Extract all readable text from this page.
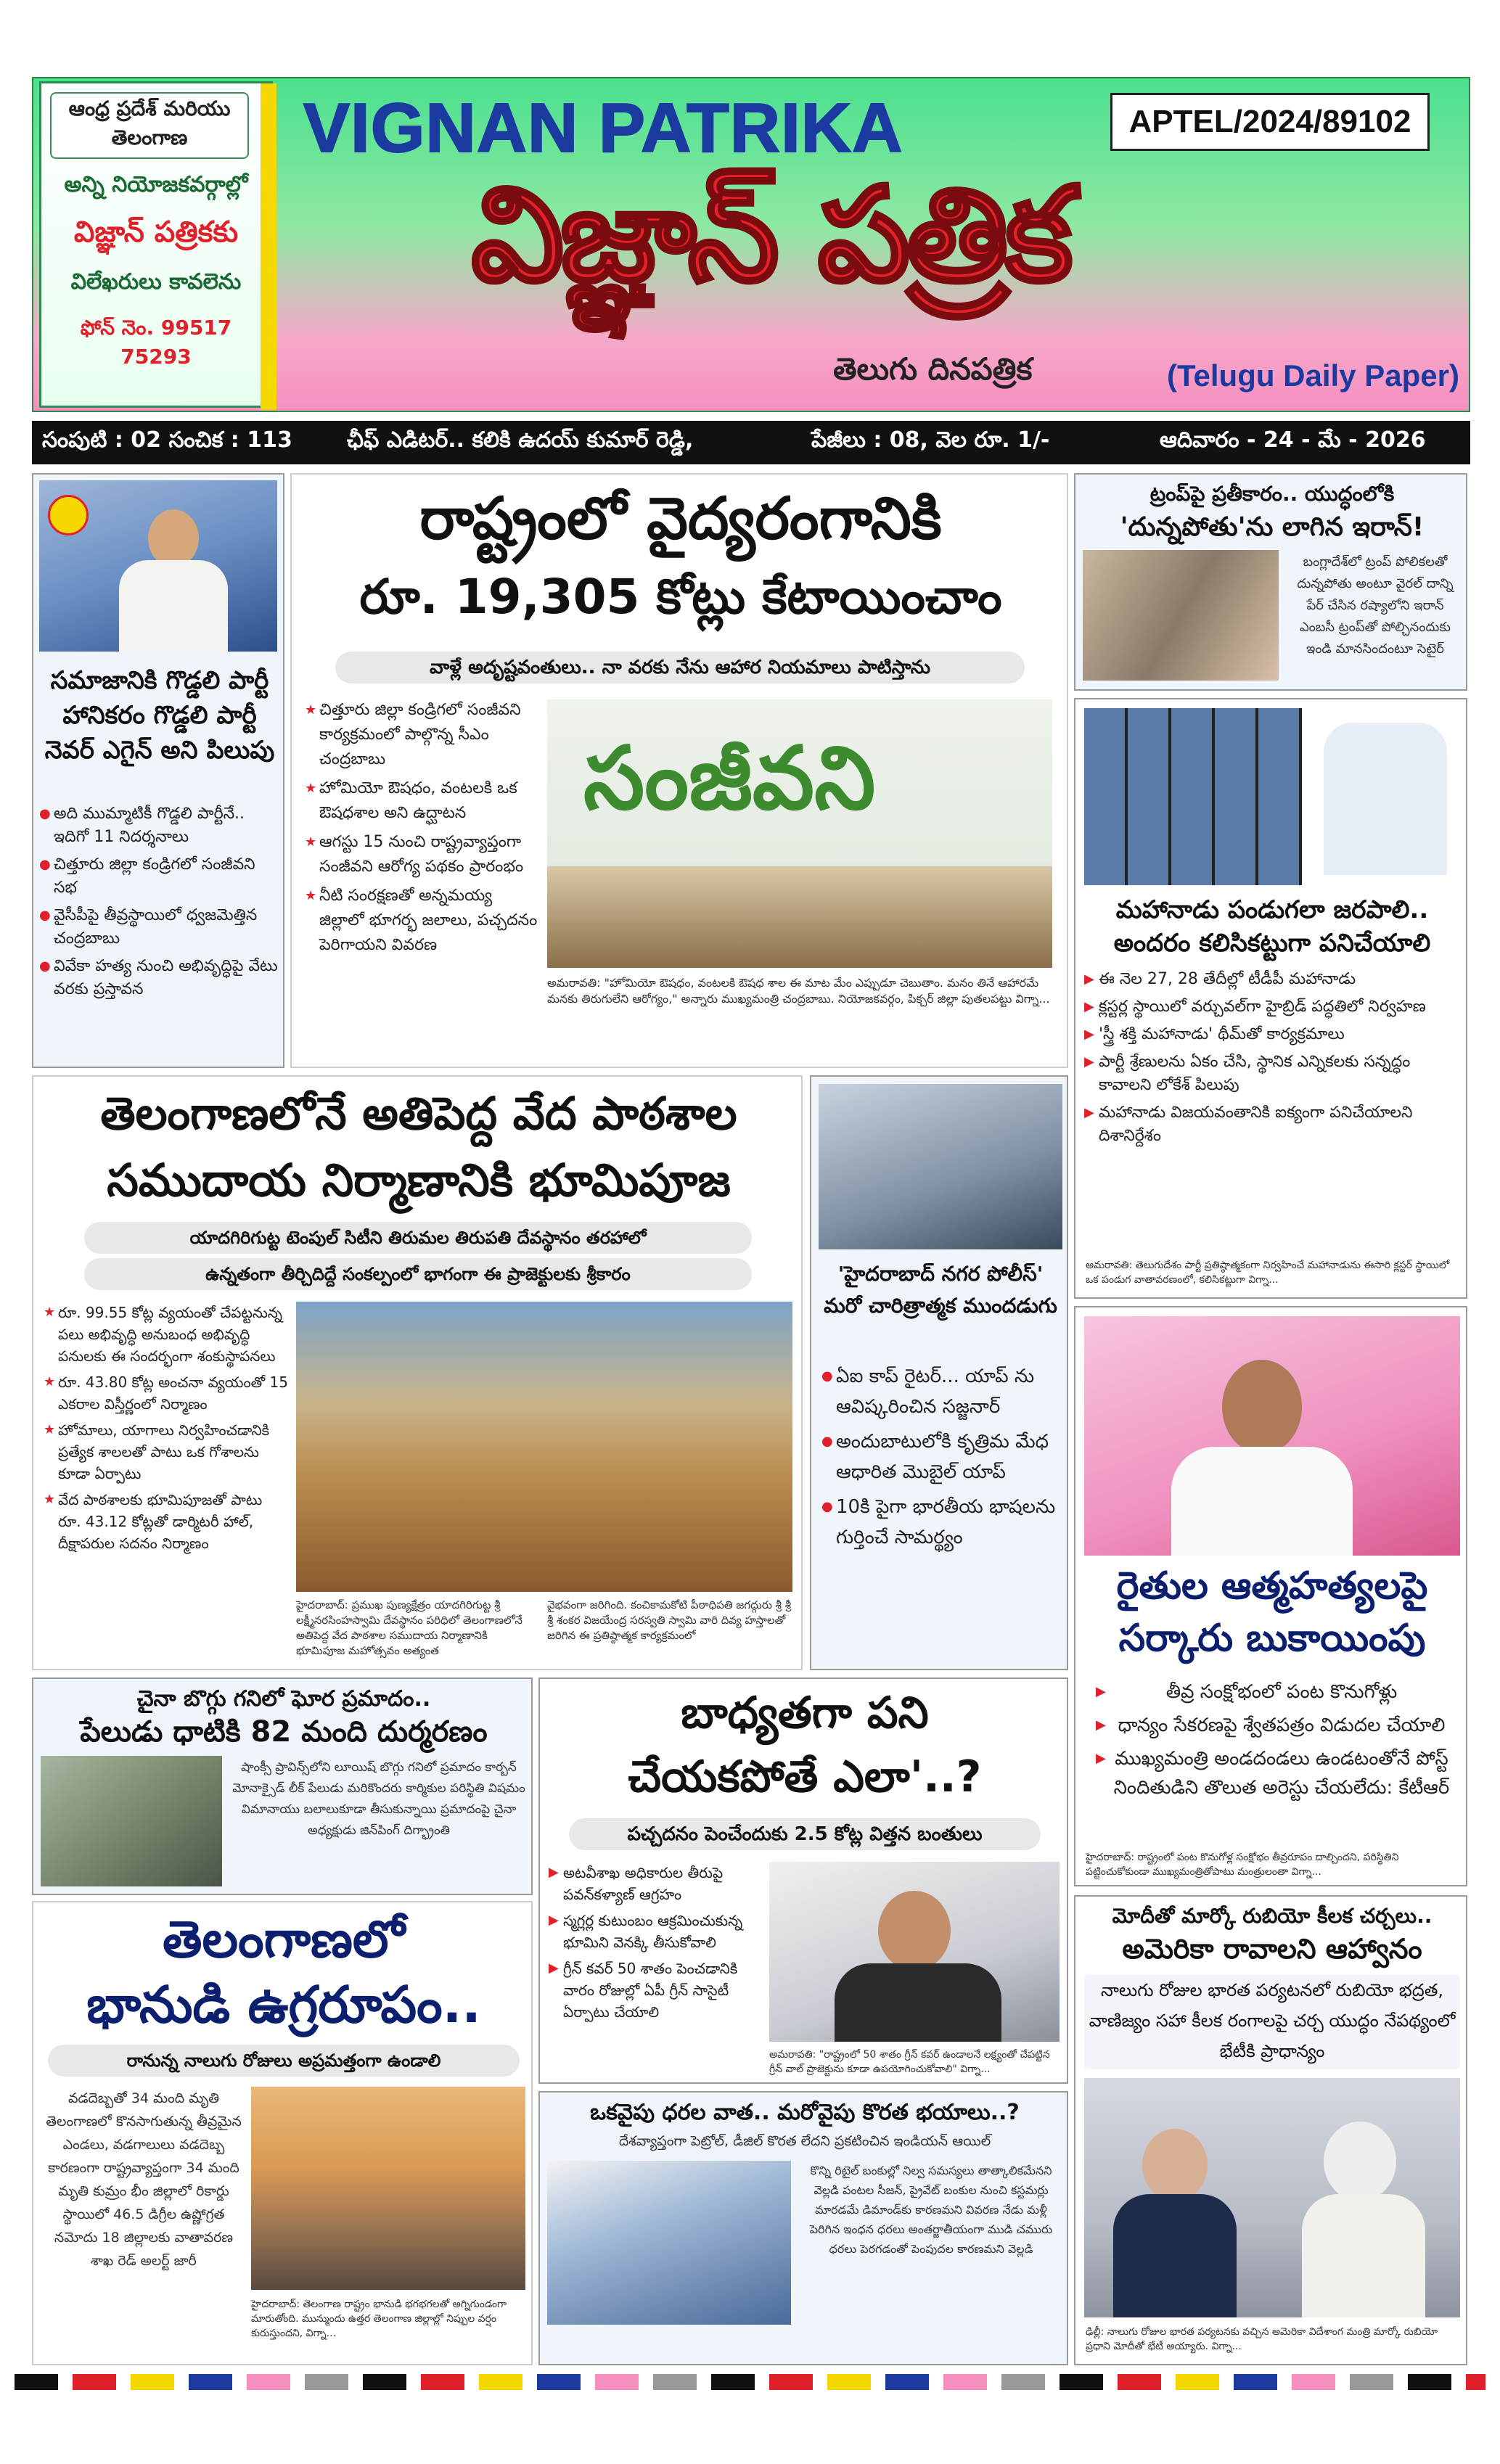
ఆంధ్ర ప్రదేశ్ మరియు తెలంగాణ
అన్ని నియోజకవర్గాల్లో
విజ్ఞాన్ పత్రికకు
విలేఖరులు కావలెను
ఫోన్ నెం. 99517 75293
VIGNAN PATRIKA	APTEL/2024/89102
విజ్ఞాన్ పత్రిక
తెలుగు దినపత్రిక	(Telugu Daily Paper)
సంపుటి : 02 సంచిక : 113	ఛీఫ్ ఎడిటర్.. కలికి ఉదయ్ కుమార్ రెడ్డి,	పేజీలు : 08, వెల రూ. 1/-	ఆదివారం - 24 - మే - 2026
సమాజానికి గొడ్డలి పార్టీ హానికరం గొడ్డలి పార్టీ నెవర్ ఎగైన్ అని పిలుపు
● అది ముమ్మాటికీ గొడ్డలి పార్టీనే.. ఇదిగో 11 నిదర్శనాలు
● చిత్తూరు జిల్లా కండ్రిగలో సంజీవని సభ
● వైసీపీపై తీవ్రస్థాయిలో ధ్వజమెత్తిన చంద్రబాబు
● వివేకా హత్య నుంచి అభివృద్ధిపై వేటు వరకు ప్రస్తావన
రాష్ట్రంలో వైద్యరంగానికి
రూ. 19,305 కోట్లు కేటాయించాం
వాళ్లే అదృష్టవంతులు.. నా వరకు నేను ఆహార నియమాలు పాటిస్తాను
★ చిత్తూరు జిల్లా కండ్రిగలో సంజీవని కార్యక్రమంలో పాల్గొన్న సీఎం చంద్రబాబు
★ హోమియో ఔషధం, వంటలకి ఒక ఔషధశాల అని ఉద్ఘాటన
★ ఆగస్టు 15 నుంచి రాష్ట్రవ్యాప్తంగా సంజీవని ఆరోగ్య పథకం ప్రారంభం
★ నీటి సంరక్షణతో అన్నమయ్య జిల్లాలో భూగర్భ జలాలు, పచ్చదనం పెరిగాయని వివరణ
సంజీవని
అమరావతి: "హోమియో ఔషధం, వంటలకి ఔషధ శాల ఈ మాట మేం ఎప్పుడూ చెబుతాం. మనం తినే ఆహారమే మనకు తిరుగులేని ఆరోగ్యం," అన్నారు ముఖ్యమంత్రి చంద్రబాబు. నియోజకవర్గం, పిక్చర్ జిల్లా పుతలపట్టు విగ్నా...
ట్రంప్‌పై ప్రతీకారం.. యుద్ధంలోకి
'దున్నపోతు'ను లాగిన ఇరాన్!
బంగ్లాదేశ్‌లో ట్రంప్ పోలికలతో దున్నపోతు అంటూ వైరల్ దాన్ని పేర్ చేసిన రష్యాలోని ఇరాన్ ఎంబసీ ట్రంప్‌తో పోల్చినందుకు ఇండి మానసిందంటూ సెటైర్
మహానాడు పండుగలా జరపాలి..
అందరం కలిసికట్టుగా పనిచేయాలి
▶ ఈ నెల 27, 28 తేదీల్లో టీడీపీ మహానాడు
▶ క్లస్టర్ల స్థాయిలో వర్చువల్‌గా హైబ్రిడ్ పద్ధతిలో నిర్వహణ
▶ 'స్త్రీ శక్తి మహానాడు' థీమ్‌తో కార్యక్రమాలు
▶ పార్టీ శ్రేణులను ఏకం చేసి, స్థానిక ఎన్నికలకు సన్నద్ధం కావాలని లోకేశ్ పిలుపు
▶ మహానాడు విజయవంతానికి ఐక్యంగా పనిచేయాలని దిశానిర్దేశం
అమరావతి: తెలుగుదేశం పార్టీ ప్రతిష్ఠాత్మకంగా నిర్వహించే మహానాడును ఈసారి క్లస్టర్ స్థాయిలో ఒక పండుగ వాతావరణంలో, కలిసికట్టుగా విగ్నా...
తెలంగాణలోనే అతిపెద్ద వేద పాఠశాల
సముదాయ నిర్మాణానికి భూమిపూజ
యాదగిరిగుట్ట టెంపుల్ సిటీని తిరుమల తిరుపతి దేవస్థానం తరహాలో
ఉన్నతంగా తీర్చిదిద్దే సంకల్పంలో భాగంగా ఈ ప్రాజెక్టులకు శ్రీకారం
★ రూ. 99.55 కోట్ల వ్యయంతో చేపట్టనున్న పలు అభివృద్ధి అనుబంధ అభివృద్ధి పనులకు ఈ సందర్భంగా శంకుస్థాపనలు
★ రూ. 43.80 కోట్ల అంచనా వ్యయంతో 15 ఎకరాల విస్తీర్ణంలో నిర్మాణం
★ హోమాలు, యాగాలు నిర్వహించడానికి ప్రత్యేక శాలలతో పాటు ఒక గోశాలను కూడా ఏర్పాటు
★ వేద పాఠశాలకు భూమిపూజతో పాటు రూ. 43.12 కోట్లతో డార్మిటరీ హాల్, దీక్షాపరుల సదనం నిర్మాణం
హైదరాబాద్: ప్రముఖ పుణ్యక్షేత్రం యాదగిరిగుట్ట శ్రీ లక్ష్మీనరసింహస్వామి దేవస్థానం పరిధిలో తెలంగాణలోనే అతిపెద్ద వేద పాఠశాల సముదాయ నిర్మాణానికి భూమిపూజ మహోత్సవం అత్యంత
వైభవంగా జరిగింది. కంచికామకోటి పీఠాధిపతి జగద్గురు శ్రీ శ్రీ శ్రీ శంకర విజయేంద్ర సరస్వతి స్వామి వారి దివ్య హస్తాలతో జరిగిన ఈ ప్రతిష్ఠాత్మక కార్యక్రమంలో
'హైదరాబాద్ నగర పోలీస్' మరో చారిత్రాత్మక ముందడుగు
● ఏఐ కాప్ రైటర్... యాప్ ను ఆవిష్కరించిన సజ్జనార్
● అందుబాటులోకి కృత్రిమ మేధ ఆధారిత మొబైల్ యాప్
● 10కి పైగా భారతీయ భాషలను గుర్తించే సామర్థ్యం
రైతుల ఆత్మహత్యలపై
సర్కారు బుకాయింపు
▶ తీవ్ర సంక్షోభంలో పంట కొనుగోళ్లు
▶ ధాన్యం సేకరణపై శ్వేతపత్రం విడుదల చేయాలి
▶ ముఖ్యమంత్రి అండదండలు ఉండటంతోనే పోస్ట్ నిందితుడిని తొలుత అరెస్టు చేయలేదు: కేటీఆర్
హైదరాబాద్: రాష్ట్రంలో పంట కొనుగోళ్ల సంక్షోభం తీవ్రరూపం దాల్చిందని, పరిస్థితిని పట్టించుకోకుండా ముఖ్యమంత్రితోపాటు మంత్రులంతా విగ్నా...
చైనా బొగ్గు గనిలో ఘోర ప్రమాదం..
పేలుడు ధాటికి 82 మంది దుర్మరణం
షాంక్సీ ప్రావిన్స్‌లోని లూయిష్ బొగ్గు గనిలో ప్రమాదం కార్బన్ మోనాక్సైడ్ లీక్ పేలుడు మరికొందరు కార్మికుల పరిస్థితి విషమం విమానాయు బలాలుకూడా తీసుకున్నాయి ప్రమాదంపై చైనా అధ్యక్షుడు జిన్‌పింగ్ దిగ్భ్రాంతి
బాధ్యతగా పని
చేయకపోతే ఎలా'..?
పచ్చదనం పెంచేందుకు 2.5 కోట్ల విత్తన బంతులు
▶ అటవీశాఖ అధికారుల తీరుపై పవన్‌కళ్యాణ్ ఆగ్రహం
▶ స్మగ్లర్ల కుటుంబం ఆక్రమించుకున్న భూమిని వెనక్కి తీసుకోవాలి
▶ గ్రీన్ కవర్ 50 శాతం పెంచడానికి వారం రోజుల్లో ఏపీ గ్రీన్ సాసైటీ ఏర్పాటు చేయాలి
అమరావతి: "రాష్ట్రంలో 50 శాతం గ్రీన్ కవర్ ఉండాలనే లక్ష్యంతో చేపట్టిన గ్రీన్ వాల్ ప్రాజెక్టును కూడా ఉపయోగించుకోవాలి" విగ్నా...
మోదీతో మార్కో రుబియో కీలక చర్చలు..
అమెరికా రావాలని ఆహ్వానం
నాలుగు రోజుల భారత పర్యటనలో రుబియో భద్రత, వాణిజ్యం సహా కీలక రంగాలపై చర్చ యుద్ధం నేపథ్యంలో భేటీకి ప్రాధాన్యం
ఢిల్లీ: నాలుగు రోజుల భారత పర్యటనకు వచ్చిన అమెరికా విదేశాంగ మంత్రి మార్కో రుబియో ప్రధాని మోదీతో భేటీ అయ్యారు. విగ్నా...
తెలంగాణలో
భానుడి ఉగ్రరూపం..
రానున్న నాలుగు రోజులు అప్రమత్తంగా ఉండాలి
వడదెబ్బతో 34 మంది మృతి తెలంగాణలో కొనసాగుతున్న తీవ్రమైన ఎండలు, వడగాలులు వడదెబ్బ కారణంగా రాష్ట్రవ్యాప్తంగా 34 మంది మృతి కుమ్రం భీం జిల్లాలో రికార్డు స్థాయిలో 46.5 డిగ్రీల ఉష్ణోగ్రత నమోదు 18 జిల్లాలకు వాతావరణ శాఖ రెడ్ అలర్ట్ జారీ
హైదరాబాద్: తెలంగాణ రాష్ట్రం భానుడి భగభగలతో అగ్నిగుండంగా మారుతోంది. మున్ముందు ఉత్తర తెలంగాణ జిల్లాల్లో నిప్పుల వర్షం కురుస్తుందని, విగ్నా...
ఒకవైపు ధరల వాత.. మరోవైపు కొరత భయాలు..?
దేశవ్యాప్తంగా పెట్రోల్, డీజిల్ కొరత లేదని ప్రకటించిన ఇండియన్ ఆయిల్
కొన్ని రిటైల్ బంకుల్లో నిల్వ సమస్యలు తాత్కాలికమేనని వెల్లడి పంటల సీజన్, ప్రైవేట్ బంకుల నుంచి కస్టమర్లు మారడమే డిమాండ్‌కు కారణమని వివరణ నేడు మళ్లీ పెరిగిన ఇంధన ధరలు అంతర్జాతీయంగా ముడి చమురు ధరలు పెరగడంతో పెంపుదల కారణమని వెల్లడి
